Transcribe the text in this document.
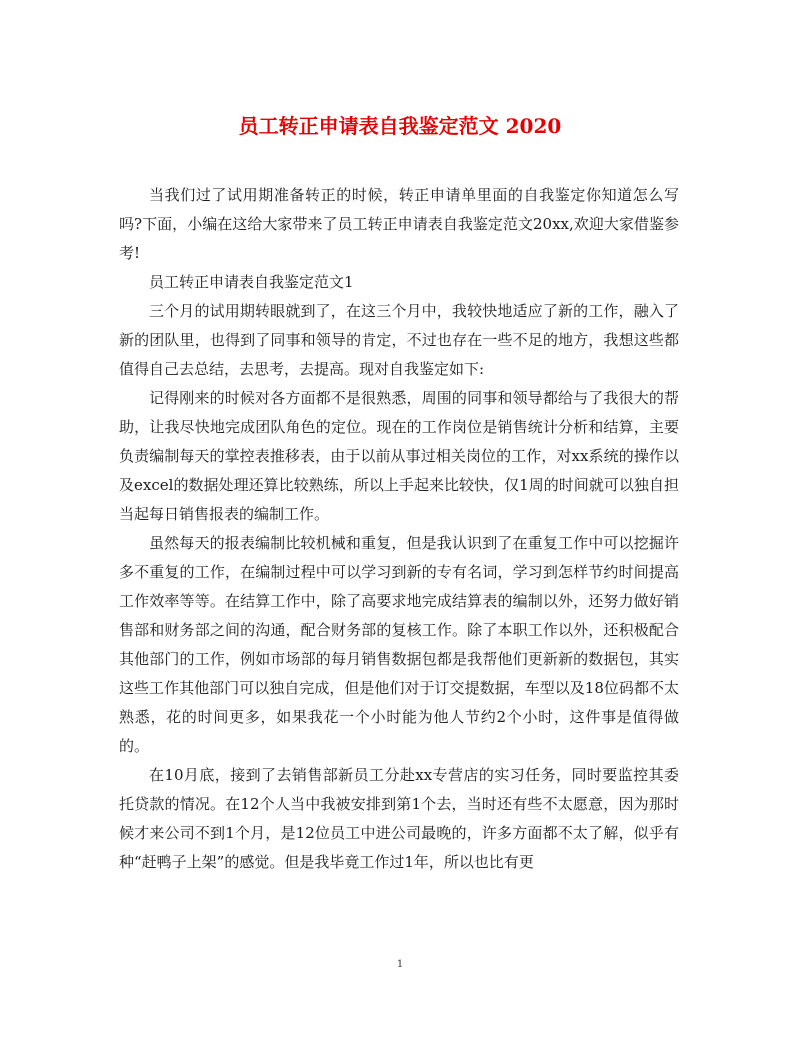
员工转正申请表自我鉴定范文 2020

当我们过了试用期准备转正的时候，转正申请单里面的自我鉴定你知道怎么写吗?下面，小编在这给大家带来了员工转正申请表自我鉴定范文20xx,欢迎大家借鉴参考!

员工转正申请表自我鉴定范文1

三个月的试用期转眼就到了，在这三个月中，我较快地适应了新的工作，融入了新的团队里，也得到了同事和领导的肯定，不过也存在一些不足的地方，我想这些都值得自己去总结，去思考，去提高。现对自我鉴定如下:

记得刚来的时候对各方面都不是很熟悉，周围的同事和领导都给与了我很大的帮助，让我尽快地完成团队角色的定位。现在的工作岗位是销售统计分析和结算，主要负责编制每天的掌控表推移表，由于以前从事过相关岗位的工作，对xx系统的操作以及excel的数据处理还算比较熟练，所以上手起来比较快，仅1周的时间就可以独自担当起每日销售报表的编制工作。

虽然每天的报表编制比较机械和重复，但是我认识到了在重复工作中可以挖掘许多不重复的工作，在编制过程中可以学习到新的专有名词，学习到怎样节约时间提高工作效率等等。在结算工作中，除了高要求地完成结算表的编制以外，还努力做好销售部和财务部之间的沟通，配合财务部的复核工作。除了本职工作以外，还积极配合其他部门的工作，例如市场部的每月销售数据包都是我帮他们更新新的数据包，其实这些工作其他部门可以独自完成，但是他们对于订交提数据，车型以及18位码都不太熟悉，花的时间更多，如果我花一个小时能为他人节约2个小时，这件事是值得做的。

在10月底，接到了去销售部新员工分赴xx专营店的实习任务，同时要监控其委托贷款的情况。在12个人当中我被安排到第1个去，当时还有些不太愿意，因为那时候才来公司不到1个月，是12位员工中进公司最晚的，许多方面都不太了解，似乎有种“赶鸭子上架”的感觉。但是我毕竟工作过1年，所以也比有更

1
